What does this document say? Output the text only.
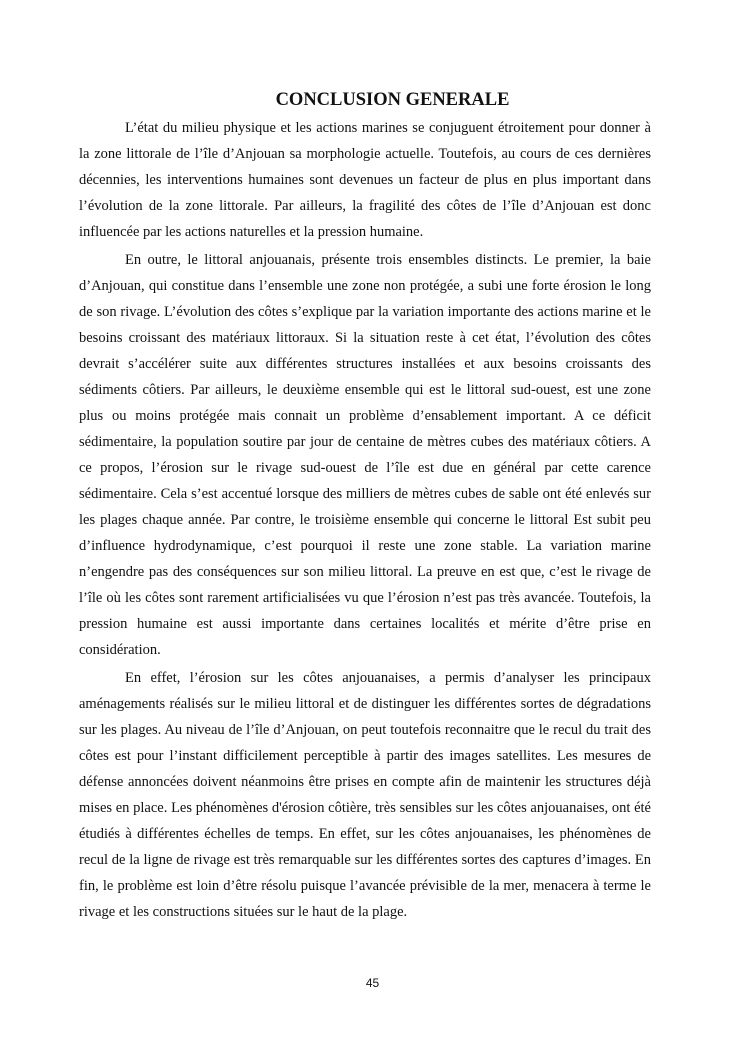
CONCLUSION GENERALE

L’état du milieu physique et les actions marines se conjuguent étroitement pour donner à la zone littorale de l’île d’Anjouan sa morphologie actuelle. Toutefois, au cours de ces dernières décennies, les interventions humaines sont devenues un facteur de plus en plus important dans l’évolution de la zone littorale. Par ailleurs, la fragilité des côtes de l’île d’Anjouan est donc influencée par les actions naturelles et la pression humaine.

En outre, le littoral anjouanais, présente trois ensembles distincts. Le premier, la baie d’Anjouan, qui constitue dans l’ensemble une zone non protégée, a subi une forte érosion le long de son rivage. L’évolution des côtes s’explique par la variation importante des actions marine et le besoins croissant des matériaux littoraux. Si la situation reste à cet état, l’évolution des côtes devrait s’accélérer suite aux différentes structures installées et aux besoins croissants des sédiments côtiers. Par ailleurs, le deuxième ensemble qui est le littoral sud-ouest, est une zone plus ou moins protégée mais connait un problème d’ensablement important. A ce déficit sédimentaire, la population soutire par jour de centaine de mètres cubes des matériaux côtiers. A ce propos, l’érosion sur le rivage sud-ouest de l’île est due en général par cette carence sédimentaire. Cela s’est accentué lorsque des milliers de mètres cubes de sable ont été enlevés sur les plages chaque année. Par contre, le troisième ensemble qui concerne le littoral Est subit peu d’influence hydrodynamique, c’est pourquoi il reste une zone stable. La variation marine n’engendre pas des conséquences sur son milieu littoral. La preuve en est que, c’est le rivage de l’île où les côtes sont rarement artificialisées vu que l’érosion n’est pas très avancée. Toutefois, la pression humaine est aussi importante dans certaines localités et mérite d’être prise en considération.

En effet, l’érosion sur les côtes anjouanaises, a permis d’analyser les principaux aménagements réalisés sur le milieu littoral et de distinguer les différentes sortes de dégradations sur les plages. Au niveau de l’île d’Anjouan, on peut toutefois reconnaitre que le recul du trait des côtes est pour l’instant difficilement perceptible à partir des images satellites. Les mesures de défense annoncées doivent néanmoins être prises en compte afin de maintenir les structures déjà mises en place. Les phénomènes d'érosion côtière, très sensibles sur les côtes anjouanaises, ont été étudiés à différentes échelles de temps. En effet, sur les côtes anjouanaises, les phénomènes de recul de la ligne de rivage est très remarquable sur les différentes sortes des captures d’images. En fin, le problème est loin d’être résolu puisque l’avancée prévisible de la mer, menacera à terme le rivage et les constructions situées sur le haut de la plage.

45
